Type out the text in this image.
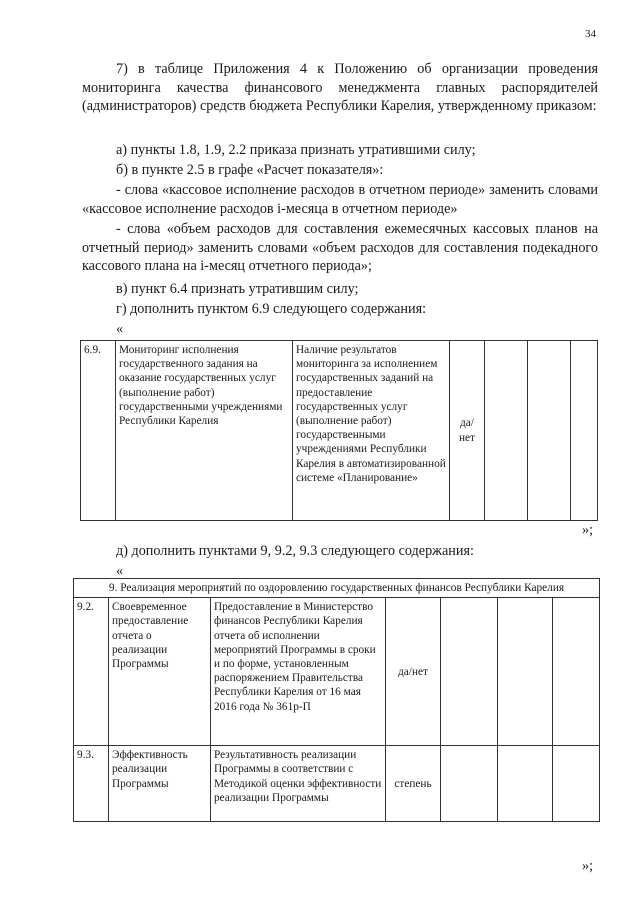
34

7) в таблице Приложения 4 к Положению об организации проведения мониторинга качества финансового менеджмента главных распорядителей (администраторов) средств бюджета Республики Карелия, утвержденному приказом:

а) пункты 1.8, 1.9, 2.2 приказа признать утратившими силу;
б) в пункте 2.5 в графе «Расчет показателя»:

- слова «кассовое исполнение расходов в отчетном периоде» заменить словами «кассовое исполнение расходов i-месяца в отчетном периоде»

- слова «объем расходов для составления ежемесячных кассовых планов на отчетный период» заменить словами «объем расходов для составления подекадного кассового плана на i-месяц отчетного периода»;

в) пункт 6.4 признать утратившим силу;
г) дополнить пунктом 6.9 следующего содержания:
«
6.9.	Мониторинг исполнения государственного задания на оказание государственных услуг (выполнение работ) государственными учреждениями Республики Карелия	Наличие результатов мониторинга за исполнением государственных заданий на предоставление государственных услуг (выполнение работ) государственными учреждениями Республики Карелия в автоматизированной системе «Планирование»	да/ нет			
»;
д) дополнить пунктами 9, 9.2, 9.3 следующего содержания:
«
9. Реализация мероприятий по оздоровлению государственных финансов Республики Карелия						
9.2.	Своевременное предоставление отчета о реализации Программы	Предоставление в Министерство финансов Республики Карелия отчета об исполнении мероприятий Программы в сроки и по форме, установленным распоряжением Правительства Республики Карелия от 16 мая 2016 года № 361р-П	да/нет			
9.3.	Эффективность реализации Программы	Результативность реализации Программы в соответствии с Методикой оценки эффективности реализации Программы	степень			
»;
